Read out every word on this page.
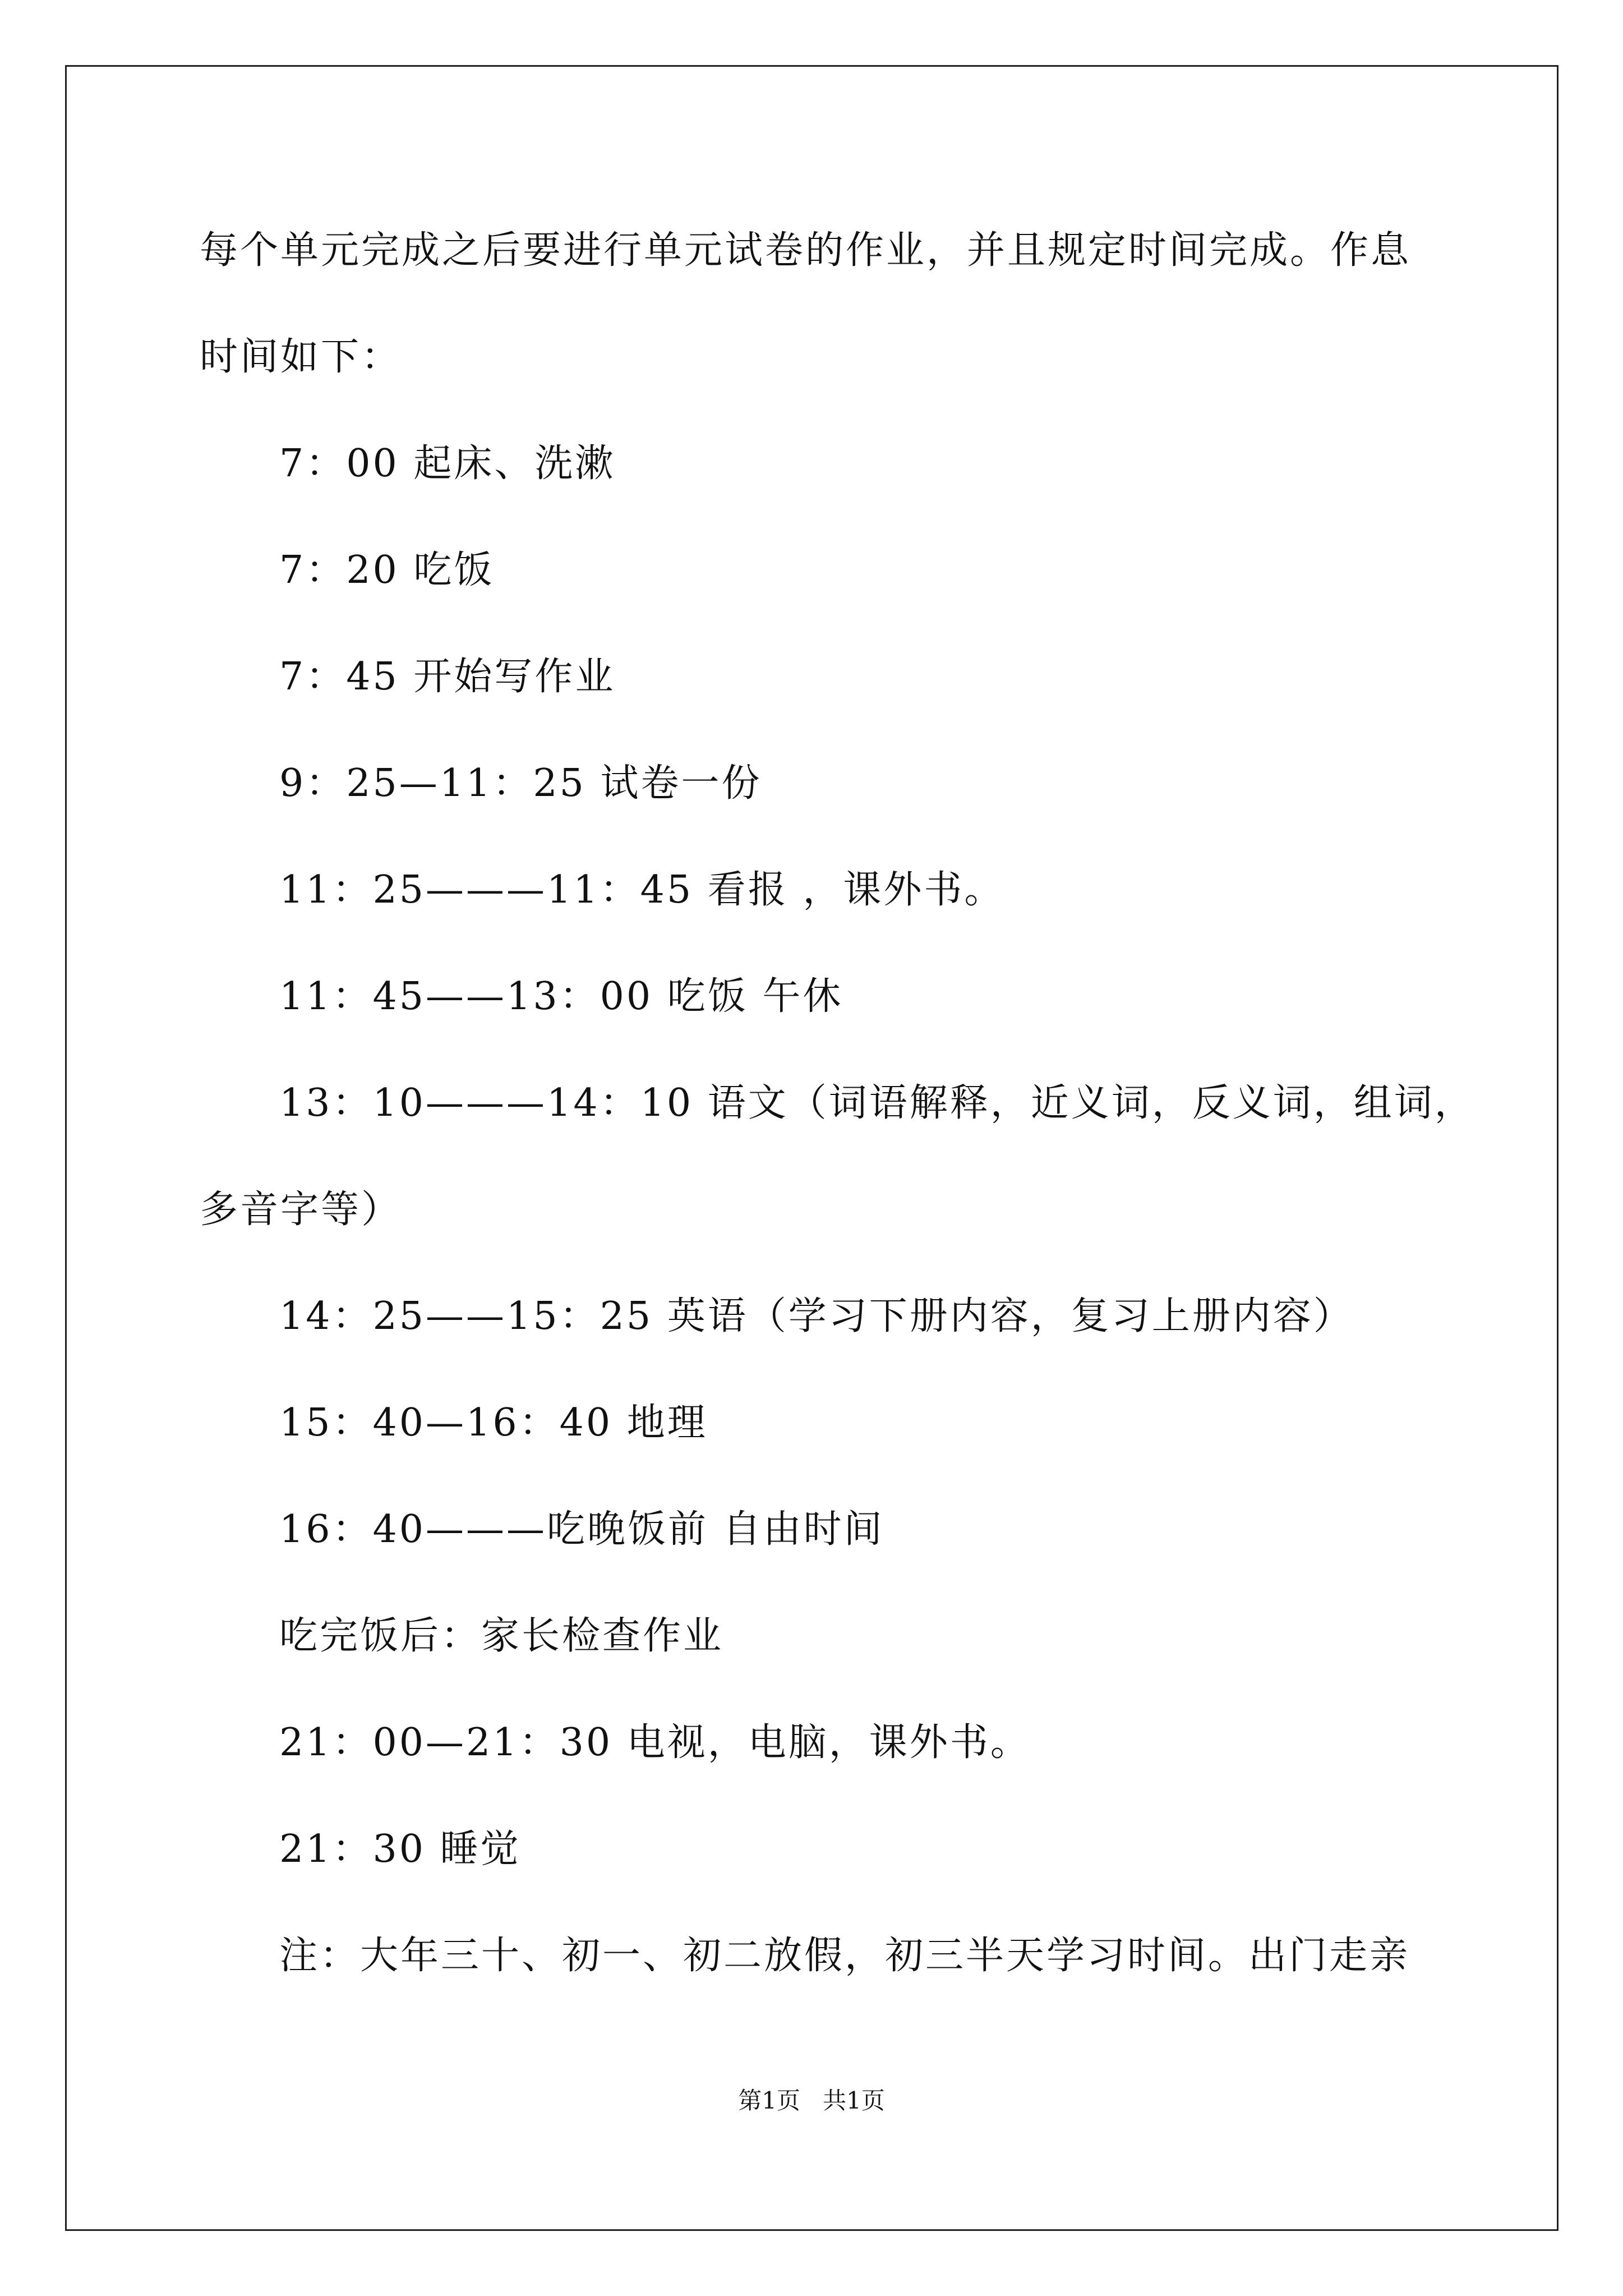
每个单元完成之后要进行单元试卷的作业，并且规定时间完成。作息
时间如下：
7：00 起床、洗漱
7：20 吃饭
7：45 开始写作业
9：25—11：25 试卷一份
11：25———11：45 看报 ，课外书。
11：45——13：00 吃饭 午休
13：10———14：10 语文（词语解释，近义词，反义词，组词，
多音字等）
14：25——15：25 英语（学习下册内容，复习上册内容）
15：40—16：40 地理
16：40———吃晚饭前 自由时间
吃完饭后：家长检查作业
21：00—21：30 电视，电脑，课外书。
21：30 睡觉
注：大年三十、初一、初二放假，初三半天学习时间。出门走亲
第1页   共1页
